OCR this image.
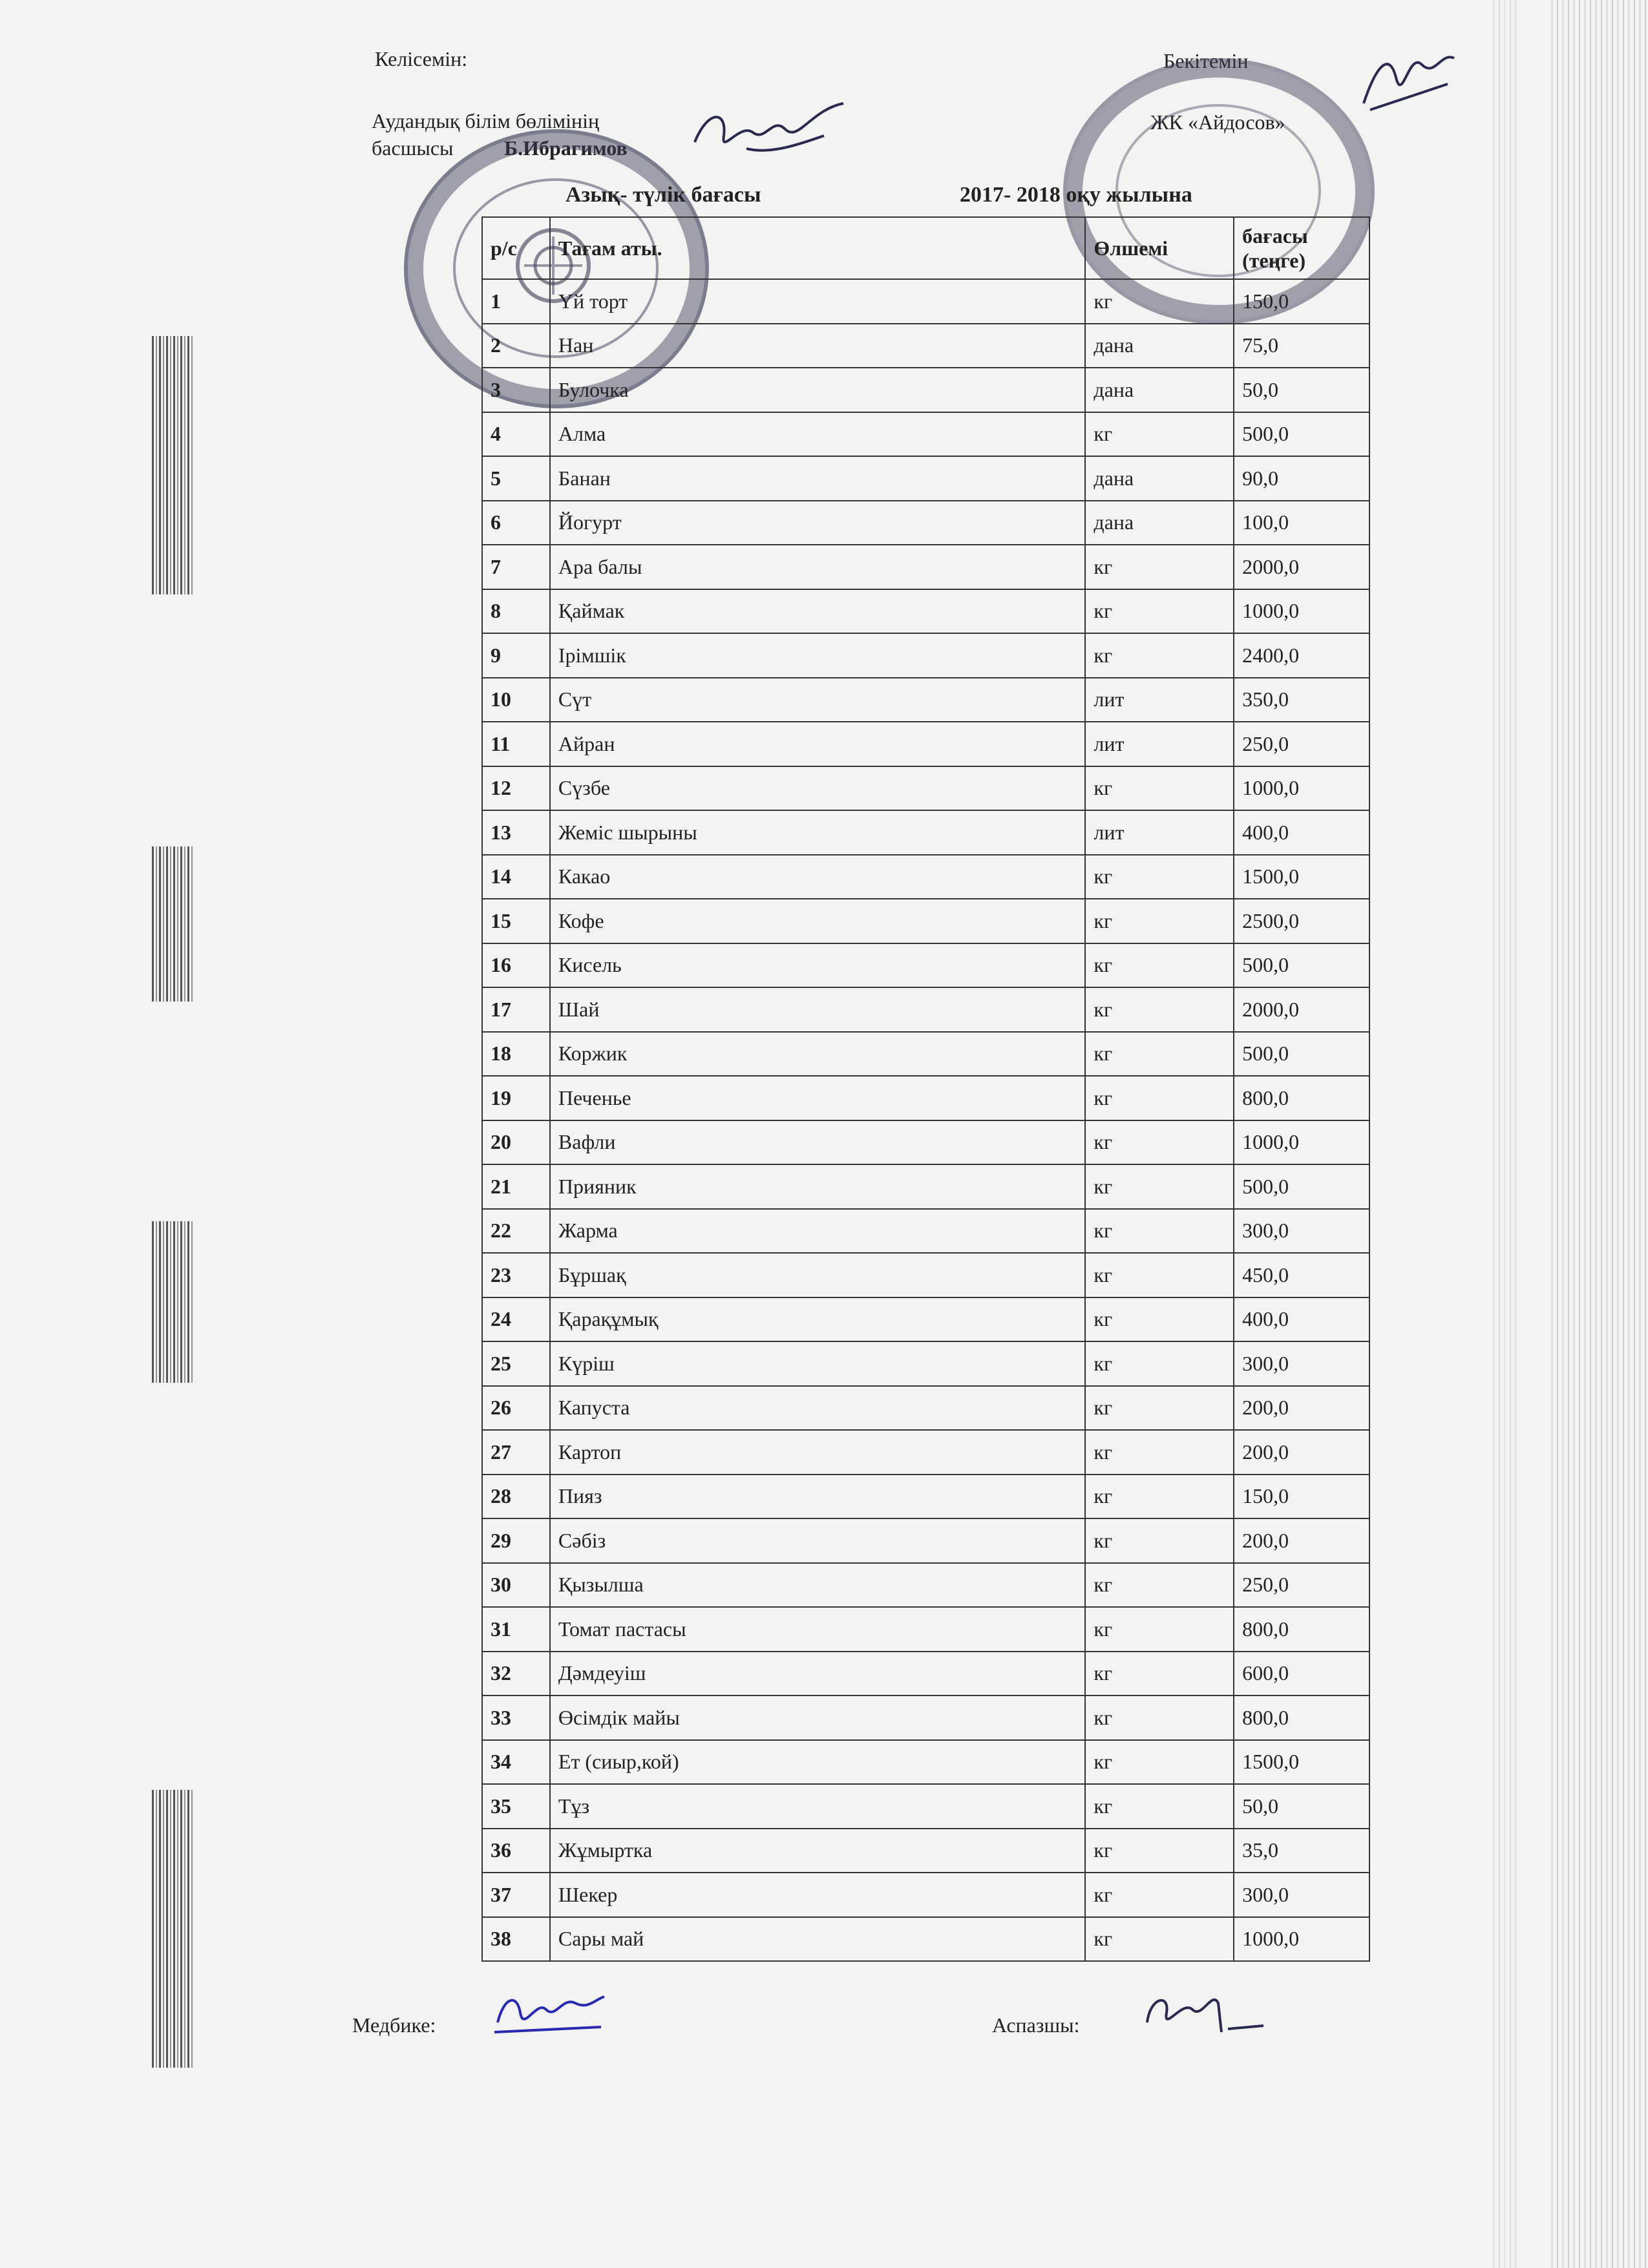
Келісемін:
Аудандық білім бөлімінің
басшысы Б.Ибрагимов
Бекітемін
ЖК «Айдосов»
Азық- түлік бағасы	2017- 2018 оқу жылына
р/с	Тағам аты.	Өлшемі	бағасы (теңге)
1	Үй торт	кг	150,0
2	Нан	дана	75,0
3	Булочка	дана	50,0
4	Алма	кг	500,0
5	Банан	дана	90,0
6	Йогурт	дана	100,0
7	Ара балы	кг	2000,0
8	Қаймак	кг	1000,0
9	Ірімшік	кг	2400,0
10	Сүт	лит	350,0
11	Айран	лит	250,0
12	Сүзбе	кг	1000,0
13	Жеміс шырыны	лит	400,0
14	Какао	кг	1500,0
15	Кофе	кг	2500,0
16	Кисель	кг	500,0
17	Шай	кг	2000,0
18	Коржик	кг	500,0
19	Печенье	кг	800,0
20	Вафли	кг	1000,0
21	Прияник	кг	500,0
22	Жарма	кг	300,0
23	Бұршақ	кг	450,0
24	Қарақұмық	кг	400,0
25	Күріш	кг	300,0
26	Капуста	кг	200,0
27	Картоп	кг	200,0
28	Пияз	кг	150,0
29	Сәбіз	кг	200,0
30	Қызылша	кг	250,0
31	Томат пастасы	кг	800,0
32	Дәмдеуіш	кг	600,0
33	Өсімдік майы	кг	800,0
34	Ет (сиыр,кой)	кг	1500,0
35	Тұз	кг	50,0
36	Жұмыртка	кг	35,0
37	Шекер	кг	300,0
38	Сары май	кг	1000,0
Медбике:	Аспазшы:
